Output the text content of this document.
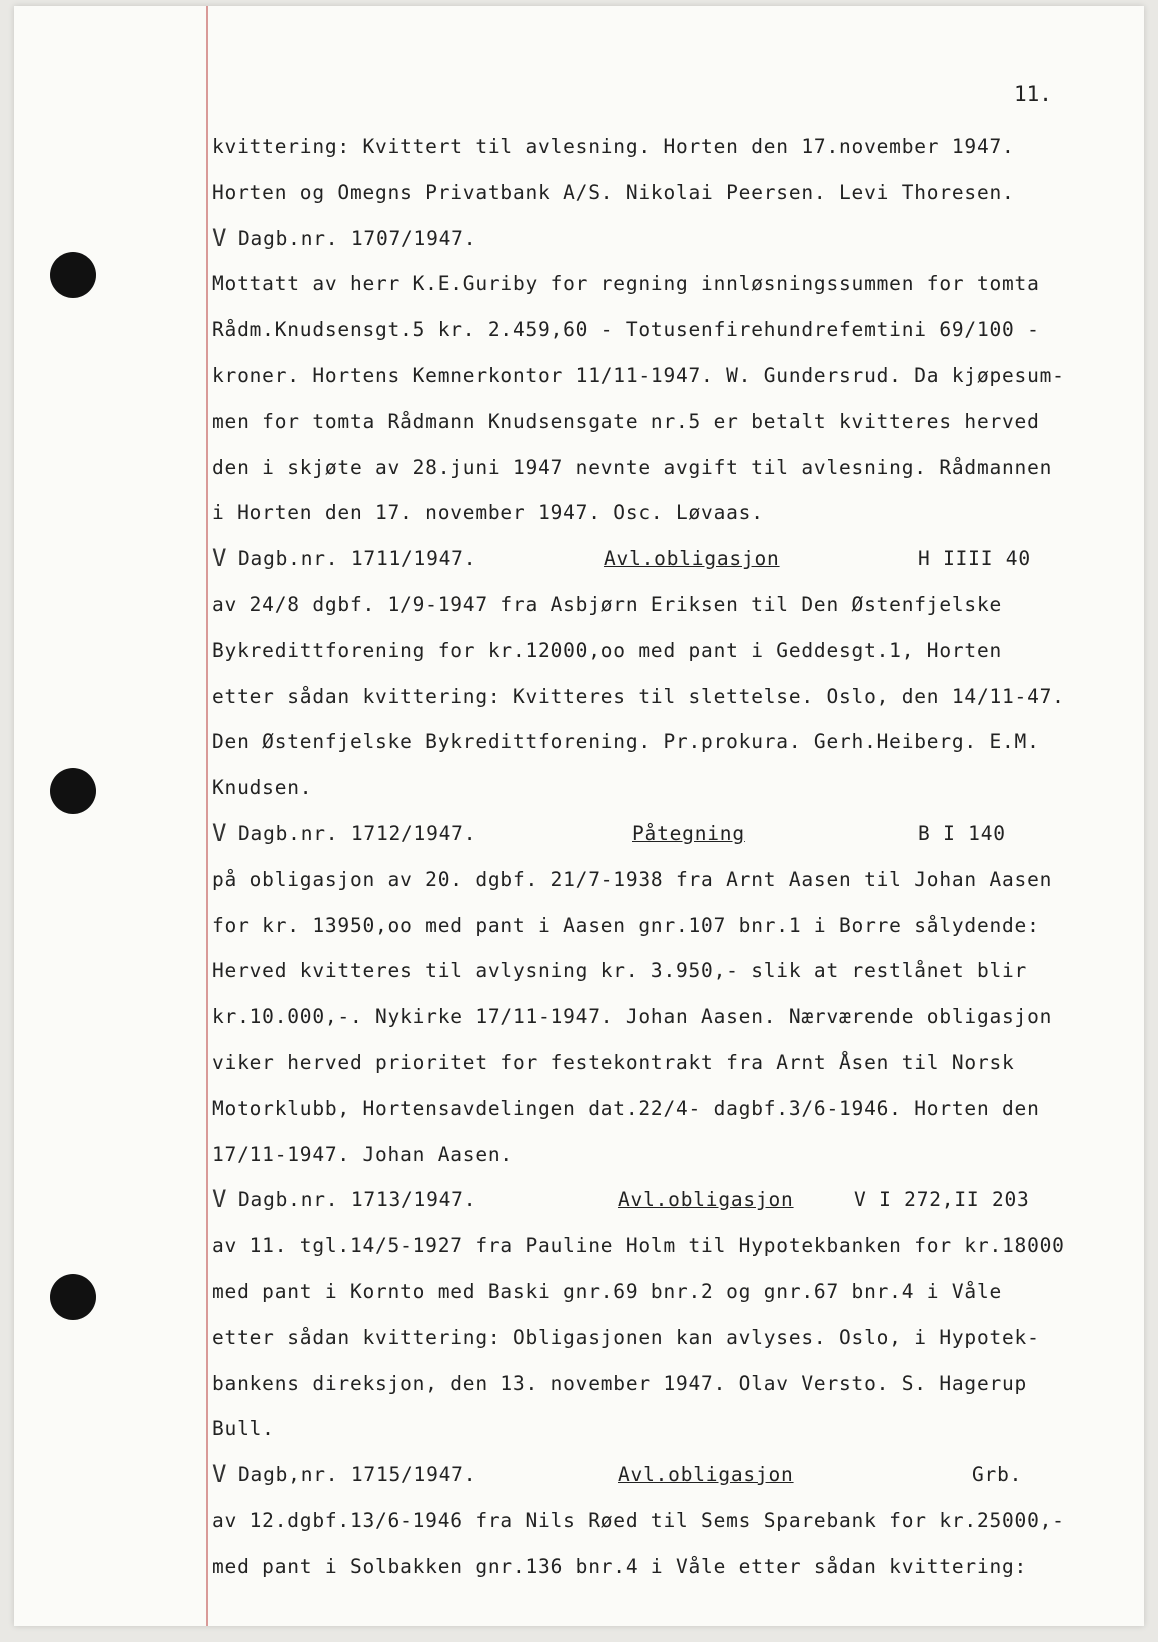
11.
kvittering: Kvittert til avlesning. Horten den 17.november 1947.
Horten og Omegns Privatbank A/S. Nikolai Peersen. Levi Thoresen.

V

Dagb.nr. 1707/1947.

Mottatt av herr K.E.Guriby for regning innløsningssummen for tomta
Rådm.Knudsensgt.5 kr. 2.459,60 - Totusenfirehundrefemtini 69/100 -
kroner. Hortens Kemnerkontor 11/11-1947. W. Gundersrud. Da kjøpesum-
men for tomta Rådmann Knudsensgate nr.5 er betalt kvitteres herved
den i skjøte av 28.juni 1947 nevnte avgift til avlesning. Rådmannen
i Horten den 17. november 1947. Osc. Løvaas.

V

Dagb.nr. 1711/1947.

	Avl.obligasjon

	H IIII 40

av 24/8 dgbf. 1/9-1947 fra Asbjørn Eriksen til Den Østenfjelske
Bykredittforening for kr.12000,oo med pant i Geddesgt.1, Horten
etter sådan kvittering: Kvitteres til slettelse. Oslo, den 14/11-47.
Den Østenfjelske Bykredittforening. Pr.prokura. Gerh.Heiberg. E.M.
Knudsen.

V

Dagb.nr. 1712/1947.

	Påtegning

	B I 140

på obligasjon av 20. dgbf. 21/7-1938 fra Arnt Aasen til Johan Aasen
for kr. 13950,oo med pant i Aasen gnr.107 bnr.1 i Borre sålydende:
Herved kvitteres til avlysning kr. 3.950,- slik at restlånet blir
kr.10.000,-. Nykirke 17/11-1947. Johan Aasen. Nærværende obligasjon
viker herved prioritet for festekontrakt fra Arnt Åsen til Norsk
Motorklubb, Hortensavdelingen dat.22/4- dagbf.3/6-1946. Horten den
17/11-1947. Johan Aasen.

V

Dagb.nr. 1713/1947.

	Avl.obligasjon

	V I 272,II 203

av 11. tgl.14/5-1927 fra Pauline Holm til Hypotekbanken for kr.18000
med pant i Kornto med Baski gnr.69 bnr.2 og gnr.67 bnr.4 i Våle
etter sådan kvittering: Obligasjonen kan avlyses. Oslo, i Hypotek-
bankens direksjon, den 13. november 1947. Olav Versto. S. Hagerup
Bull.

V

Dagb,nr. 1715/1947.

	Avl.obligasjon

	Grb.

av 12.dgbf.13/6-1946 fra Nils Røed til Sems Sparebank for kr.25000,-
med pant i Solbakken gnr.136 bnr.4 i Våle etter sådan kvittering:
